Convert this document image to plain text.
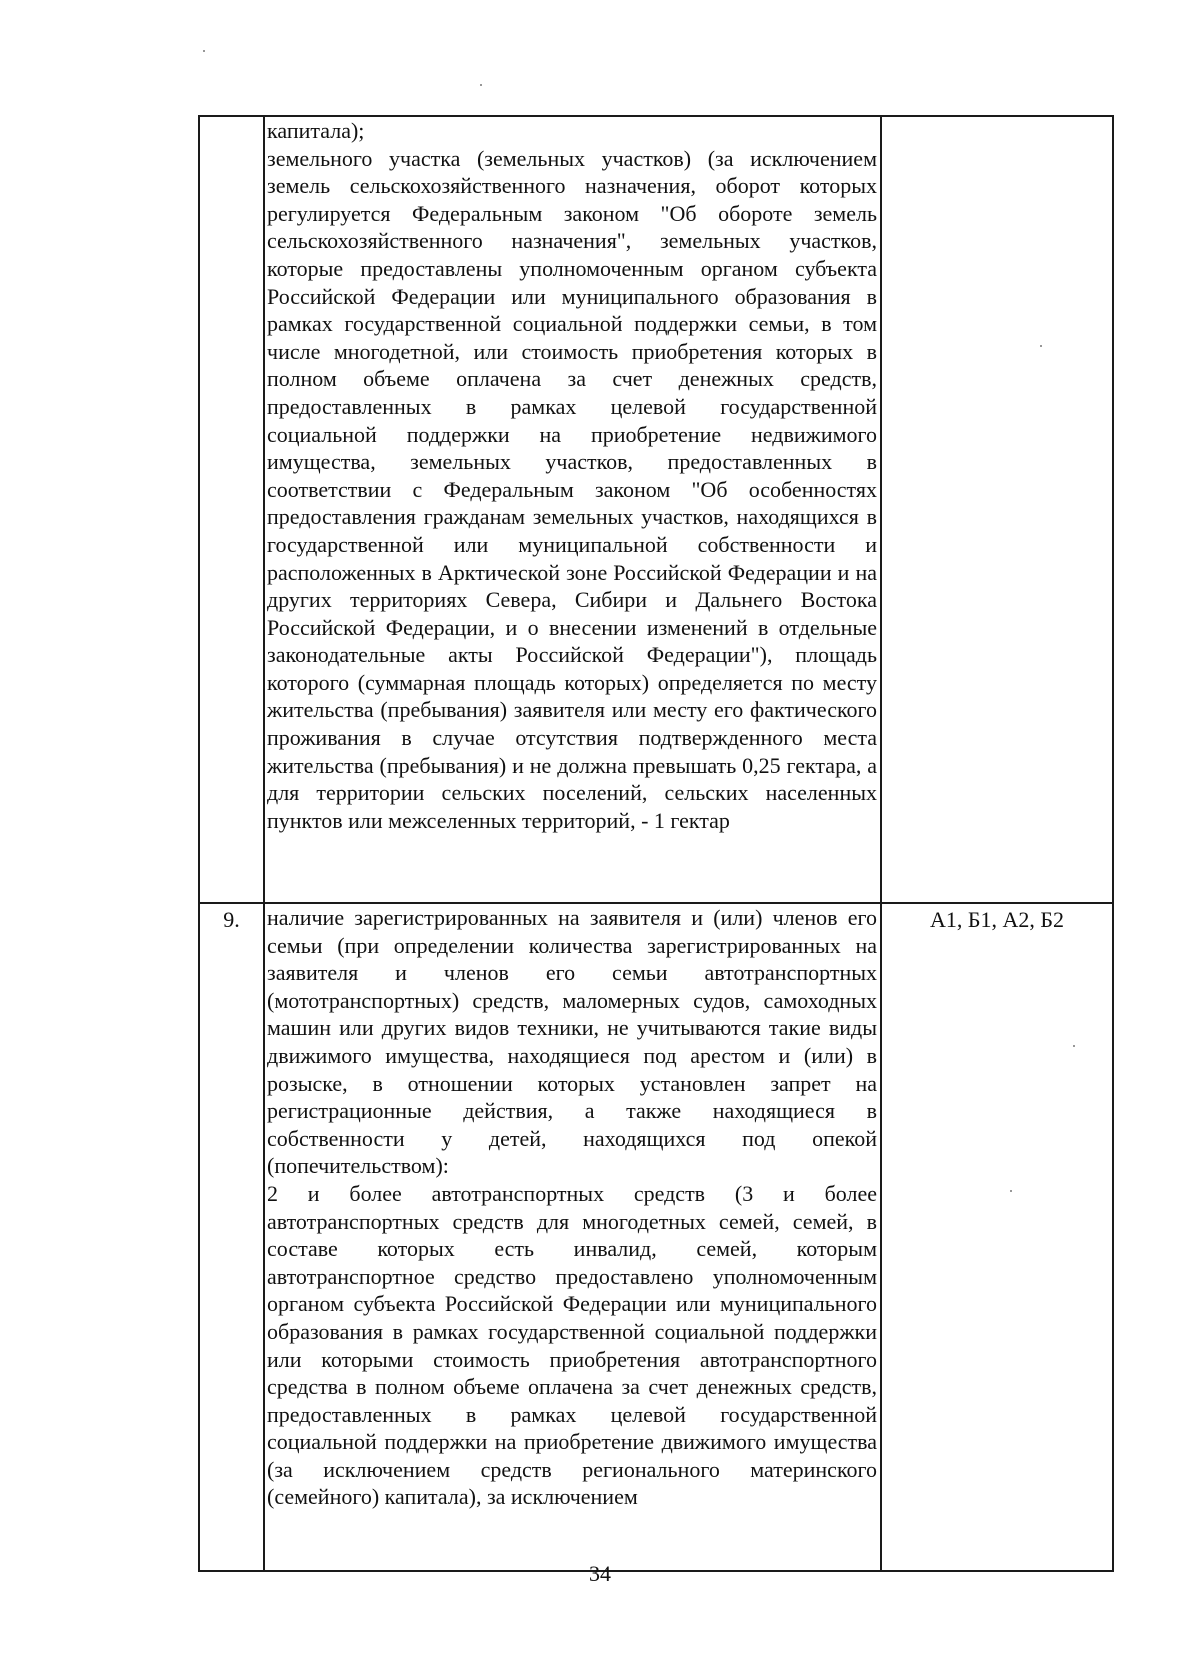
	капитала);

земельного участка (земельных участков) (за исключением земель сельскохозяйственного назначения, оборот которых регулируется Федеральным законом "Об обороте земель сельскохозяйственного назначения", земельных участков, которые предоставлены уполномоченным органом субъекта Российской Федерации или муниципального образования в рамках государственной социальной поддержки семьи, в том числе многодетной, или стоимость приобретения которых в полном объеме оплачена за счет денежных средств, предоставленных в рамках целевой государственной социальной поддержки на приобретение недвижимого имущества, земельных участков, предоставленных в соответствии с Федеральным законом "Об особенностях предоставления гражданам земельных участков, находящихся в государственной или муниципальной собственности и расположенных в Арктической зоне Российской Федерации и на других территориях Севера, Сибири и Дальнего Востока Российской Федерации, и о внесении изменений в отдельные законодательные акты Российской Федерации"), площадь которого (суммарная площадь которых) определяется по месту жительства (пребывания) заявителя или месту его фактического проживания в случае отсутствия подтвержденного места жительства (пребывания) и не должна превышать 0,25 гектара, а для территории сельских поселений, сельских населенных пунктов или межселенных территорий, - 1 гектар	

9.	наличие зарегистрированных на заявителя и (или) членов его семьи (при определении количества зарегистрированных на заявителя и членов его семьи автотранспортных (мототранспортных) средств, маломерных судов, самоходных машин или других видов техники, не учитываются такие виды движимого имущества, находящиеся под арестом и (или) в розыске, в отношении которых установлен запрет на регистрационные действия, а также находящиеся в собственности у детей, находящихся под опекой (попечительством):

2 и более автотранспортных средств (3 и более автотранспортных средств для многодетных семей, семей, в составе которых есть инвалид, семей, которым автотранспортное средство предоставлено уполномоченным органом субъекта Российской Федерации или муниципального образования в рамках государственной социальной поддержки или которыми стоимость приобретения автотранспортного средства в полном объеме оплачена за счет денежных средств, предоставленных в рамках целевой государственной социальной поддержки на приобретение движимого имущества (за исключением средств регионального материнского (семейного) капитала), за исключением	А1, Б1, А2, Б2
34
